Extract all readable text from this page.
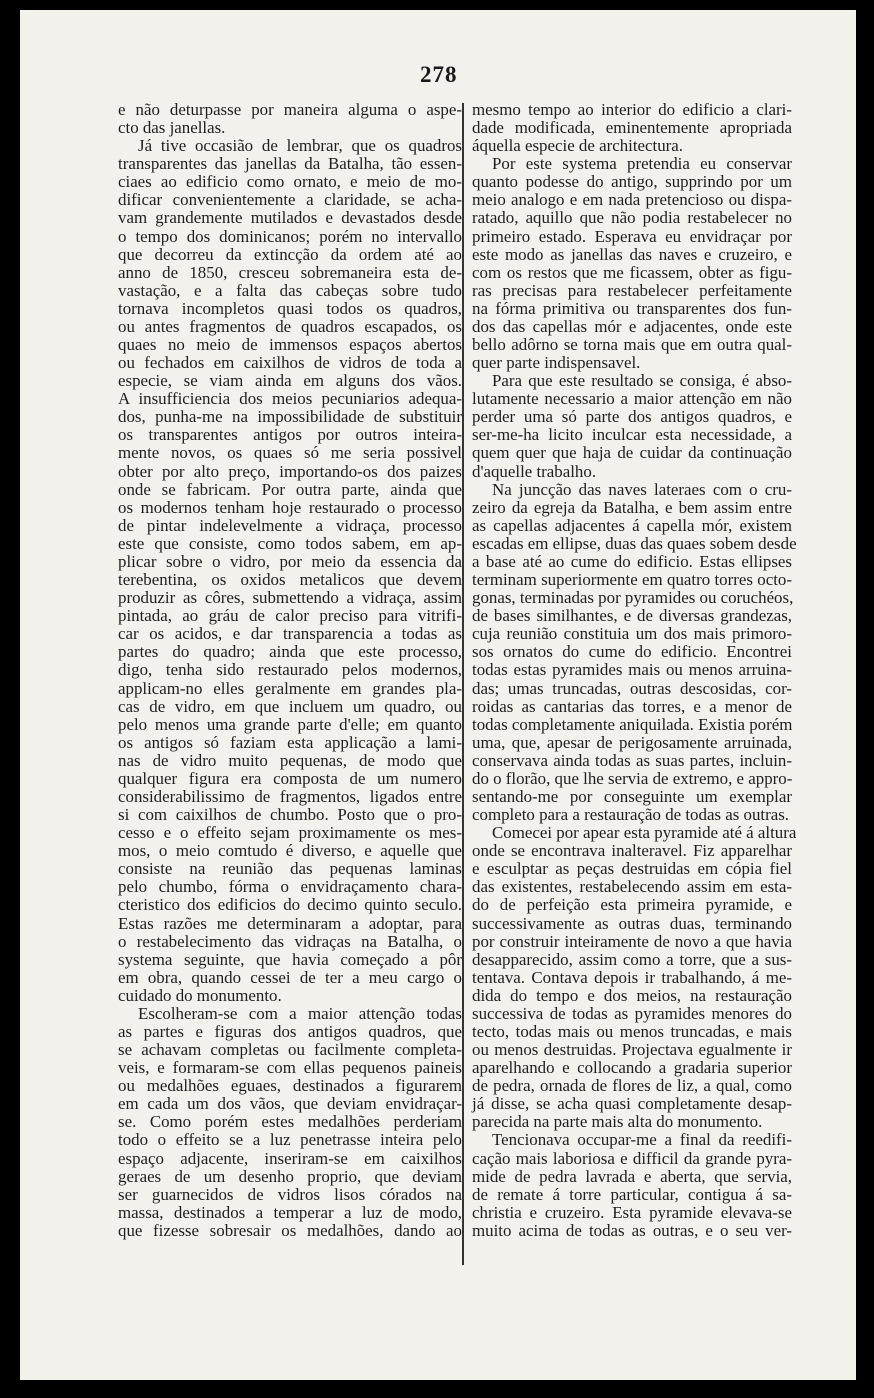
278
e não deturpasse por maneira alguma o aspe-
cto das janellas.
Já tive occasião de lembrar, que os quadros
transparentes das janellas da Batalha, tão essen-
ciaes ao edificio como ornato, e meio de mo-
dificar convenientemente a claridade, se acha-
vam grandemente mutilados e devastados desde
o tempo dos dominicanos; porém no intervallo
que decorreu da extincção da ordem até ao
anno de 1850, cresceu sobremaneira esta de-
vastação, e a falta das cabeças sobre tudo
tornava incompletos quasi todos os quadros,
ou antes fragmentos de quadros escapados, os
quaes no meio de immensos espaços abertos
ou fechados em caixilhos de vidros de toda a
especie, se viam ainda em alguns dos vãos.
A insufficiencia dos meios pecuniarios adequa-
dos, punha-me na impossibilidade de substituir
os transparentes antigos por outros inteira-
mente novos, os quaes só me seria possivel
obter por alto preço, importando-os dos paizes
onde se fabricam. Por outra parte, ainda que
os modernos tenham hoje restaurado o processo
de pintar indelevelmente a vidraça, processo
este que consiste, como todos sabem, em ap-
plicar sobre o vidro, por meio da essencia da
terebentina, os oxidos metalicos que devem
produzir as côres, submettendo a vidraça, assim
pintada, ao gráu de calor preciso para vitrifi-
car os acidos, e dar transparencia a todas as
partes do quadro; ainda que este processo,
digo, tenha sido restaurado pelos modernos,
applicam-no elles geralmente em grandes pla-
cas de vidro, em que incluem um quadro, ou
pelo menos uma grande parte d'elle; em quanto
os antigos só faziam esta applicação a lami-
nas de vidro muito pequenas, de modo que
qualquer figura era composta de um numero
considerabilissimo de fragmentos, ligados entre
si com caixilhos de chumbo. Posto que o pro-
cesso e o effeito sejam proximamente os mes-
mos, o meio comtudo é diverso, e aquelle que
consiste na reunião das pequenas laminas
pelo chumbo, fórma o envidraçamento chara-
cteristico dos edificios do decimo quinto seculo.
Estas razões me determinaram a adoptar, para
o restabelecimento das vidraças na Batalha, o
systema seguinte, que havia começado a pôr
em obra, quando cessei de ter a meu cargo o
cuidado do monumento.
Escolheram-se com a maior attenção todas
as partes e figuras dos antigos quadros, que
se achavam completas ou facilmente completa-
veis, e formaram-se com ellas pequenos paineis
ou medalhões eguaes, destinados a figurarem
em cada um dos vãos, que deviam envidraçar-
se. Como porém estes medalhões perderiam
todo o effeito se a luz penetrasse inteira pelo
espaço adjacente, inseriram-se em caixilhos
geraes de um desenho proprio, que deviam
ser guarnecidos de vidros lisos córados na
massa, destinados a temperar a luz de modo,
que fizesse sobresair os medalhões, dando ao
mesmo tempo ao interior do edificio a clari-
dade modificada, eminentemente apropriada
áquella especie de architectura.
Por este systema pretendia eu conservar
quanto podesse do antigo, supprindo por um
meio analogo e em nada pretencioso ou dispa-
ratado, aquillo que não podia restabelecer no
primeiro estado. Esperava eu envidraçar por
este modo as janellas das naves e cruzeiro, e
com os restos que me ficassem, obter as figu-
ras precisas para restabelecer perfeitamente
na fórma primitiva ou transparentes dos fun-
dos das capellas mór e adjacentes, onde este
bello adôrno se torna mais que em outra qual-
quer parte indispensavel.
Para que este resultado se consiga, é abso-
lutamente necessario a maior attenção em não
perder uma só parte dos antigos quadros, e
ser-me-ha licito inculcar esta necessidade, a
quem quer que haja de cuidar da continuação
d'aquelle trabalho.
Na juncção das naves lateraes com o cru-
zeiro da egreja da Batalha, e bem assim entre
as capellas adjacentes á capella mór, existem
escadas em ellipse, duas das quaes sobem desde
a base até ao cume do edificio. Estas ellipses
terminam superiormente em quatro torres octo-
gonas, terminadas por pyramides ou coruchéos,
de bases similhantes, e de diversas grandezas,
cuja reunião constituia um dos mais primoro-
sos ornatos do cume do edificio. Encontrei
todas estas pyramides mais ou menos arruina-
das; umas truncadas, outras descosidas, cor-
roidas as cantarias das torres, e a menor de
todas completamente aniquilada. Existia porém
uma, que, apesar de perigosamente arruinada,
conservava ainda todas as suas partes, incluin-
do o florão, que lhe servia de extremo, e appro-
sentando-me por conseguinte um exemplar
completo para a restauração de todas as outras.
Comecei por apear esta pyramide até á altura
onde se encontrava inalteravel. Fiz apparelhar
e esculptar as peças destruidas em cópia fiel
das existentes, restabelecendo assim em esta-
do de perfeição esta primeira pyramide, e
successivamente as outras duas, terminando
por construir inteiramente de novo a que havia
desapparecido, assim como a torre, que a sus-
tentava. Contava depois ir trabalhando, á me-
dida do tempo e dos meios, na restauração
successiva de todas as pyramides menores do
tecto, todas mais ou menos truncadas, e mais
ou menos destruidas. Projectava egualmente ir
aparelhando e collocando a gradaria superior
de pedra, ornada de flores de liz, a qual, como
já disse, se acha quasi completamente desap-
parecida na parte mais alta do monumento.
Tencionava occupar-me a final da reedifi-
cação mais laboriosa e difficil da grande pyra-
mide de pedra lavrada e aberta, que servia,
de remate á torre particular, contigua á sa-
christia e cruzeiro. Esta pyramide elevava-se
muito acima de todas as outras, e o seu ver-
